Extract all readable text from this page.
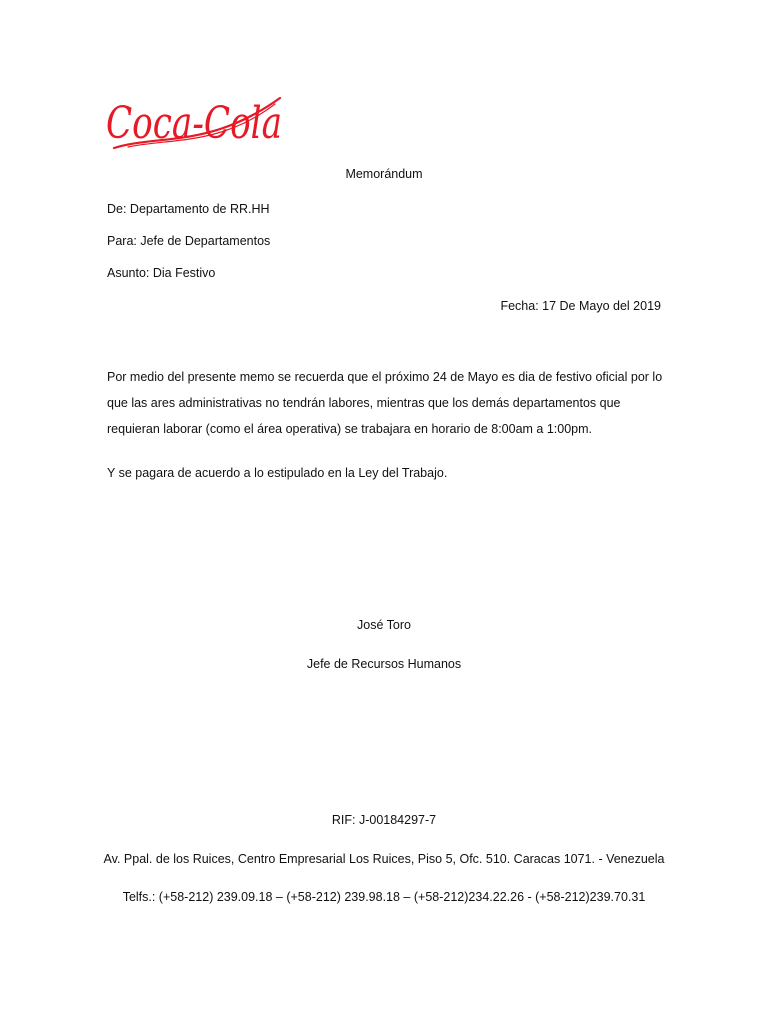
Coca-Cola
Memorándum
De: Departamento de RR.HH
Para: Jefe de Departamentos
Asunto: Dia Festivo
Fecha: 17 De Mayo del 2019
Por medio del presente memo se recuerda que el próximo 24 de Mayo es dia de festivo oficial por lo que las ares administrativas no tendrán labores, mientras que los demás departamentos que requieran laborar (como el área operativa) se trabajara en horario de 8:00am a 1:00pm.
Y se pagara de acuerdo a lo estipulado en la Ley del Trabajo.
José Toro
Jefe de Recursos Humanos
RIF: J-00184297-7
Av. Ppal. de los Ruices, Centro Empresarial Los Ruices, Piso 5, Ofc. 510. Caracas 1071. - Venezuela
Telfs.: (+58-212) 239.09.18 – (+58-212) 239.98.18 – (+58-212)234.22.26 - (+58-212)239.70.31
